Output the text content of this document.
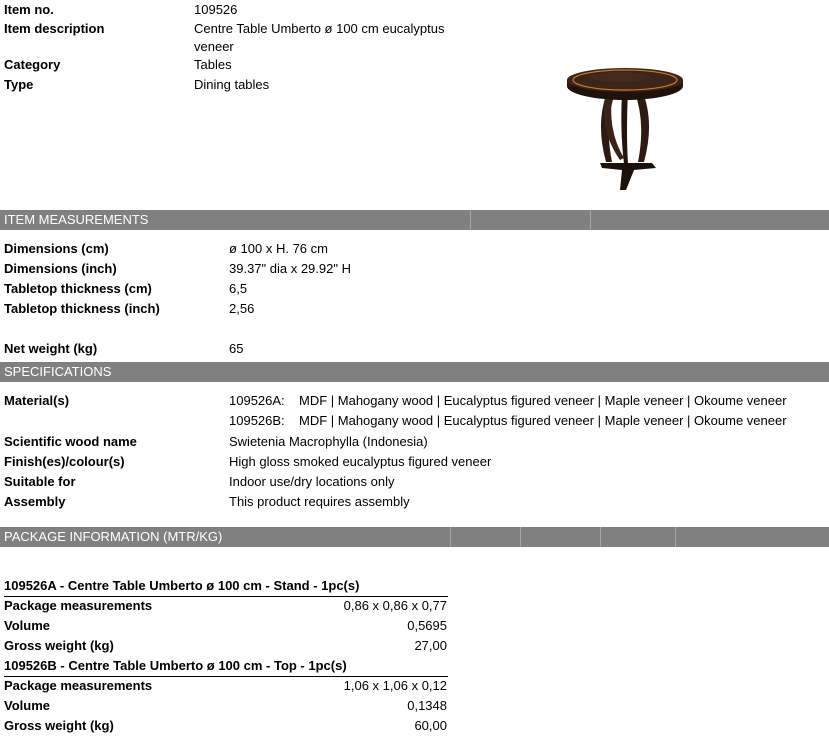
Item no.	109526
Item description	Centre Table Umberto ø 100 cm eucalyptus
veneer
Category	Tables
Type	Dining tables
ITEM MEASUREMENTS
Dimensions (cm)	ø 100 x H. 76 cm
Dimensions (inch)	39.37" dia x 29.92" H
Tabletop thickness (cm)	6,5
Tabletop thickness (inch)	2,56
Net weight (kg)	65
SPECIFICATIONS
Material(s)	109526A: MDF | Mahogany wood | Eucalyptus figured veneer | Maple veneer | Okoume veneer
109526B: MDF | Mahogany wood | Eucalyptus figured veneer | Maple veneer | Okoume veneer
Scientific wood name	Swietenia Macrophylla (Indonesia)
Finish(es)/colour(s)	High gloss smoked eucalyptus figured veneer
Suitable for	Indoor use/dry locations only
Assembly	This product requires assembly
PACKAGE INFORMATION (MTR/KG)
109526A - Centre Table Umberto ø 100 cm - Stand - 1pc(s)
Package measurements	0,86 x 0,86 x 0,77
Volume	0,5695
Gross weight (kg)	27,00
109526B - Centre Table Umberto ø 100 cm - Top - 1pc(s)
Package measurements	1,06 x 1,06 x 0,12
Volume	0,1348
Gross weight (kg)	60,00
